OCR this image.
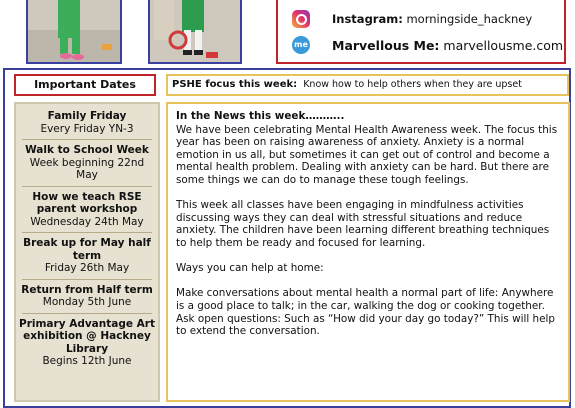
Instagram:
morningside_hackney
me Marvellous Me:
marvellousme.com
Important Dates	PSHE focus this week: Know how to help others when they are upset
Family Friday
Every Friday YN-3
Walk to School Week
Week beginning 22nd May
How we teach RSE parent workshop
Wednesday 24th May
Break up for May half term
Friday 26th May
Return from Half term
Monday 5th June
Primary Advantage Art exhibition @ Hackney Library
Begins 12th June

In the News this week………..

We have been celebrating Mental Health Awareness week. The focus this year has been on raising awareness of anxiety. Anxiety is a normal emotion in us all, but sometimes it can get out of control and become a mental health problem. Dealing with anxiety can be hard. But there are some things we can do to manage these tough feelings.

This week all classes have been engaging in mindfulness activities discussing ways they can deal with stressful situations and reduce anxiety. The children have been learning different breathing techniques to help them be ready and focused for learning.

Ways you can help at home:

Make conversations about mental health a normal part of life: Anywhere is a good place to talk; in the car, walking the dog or cooking together. Ask open questions: Such as “How did your day go today?” This will help to extend the conversation.
